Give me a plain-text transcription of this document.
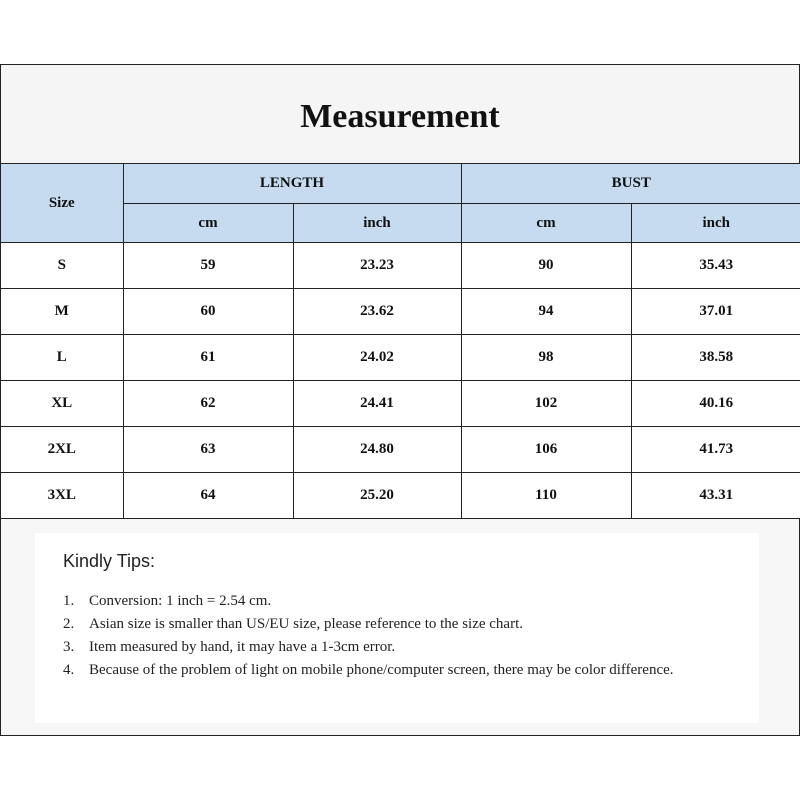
Measurement
Size	LENGTH		BUST	
	cm	inch	cm	inch
S	59	23.23	90	35.43
M	60	23.62	94	37.01
L	61	24.02	98	38.58
XL	62	24.41	102	40.16
2XL	63	24.80	106	41.73
3XL	64	25.20	110	43.31

Kindly Tips:

1. Conversion: 1 inch = 2.54 cm.
2. Asian size is smaller than US/EU size, please reference to the size chart.
3. Item measured by hand, it may have a 1-3cm error.
4. Because of the problem of light on mobile phone/computer screen, there may be color difference.
